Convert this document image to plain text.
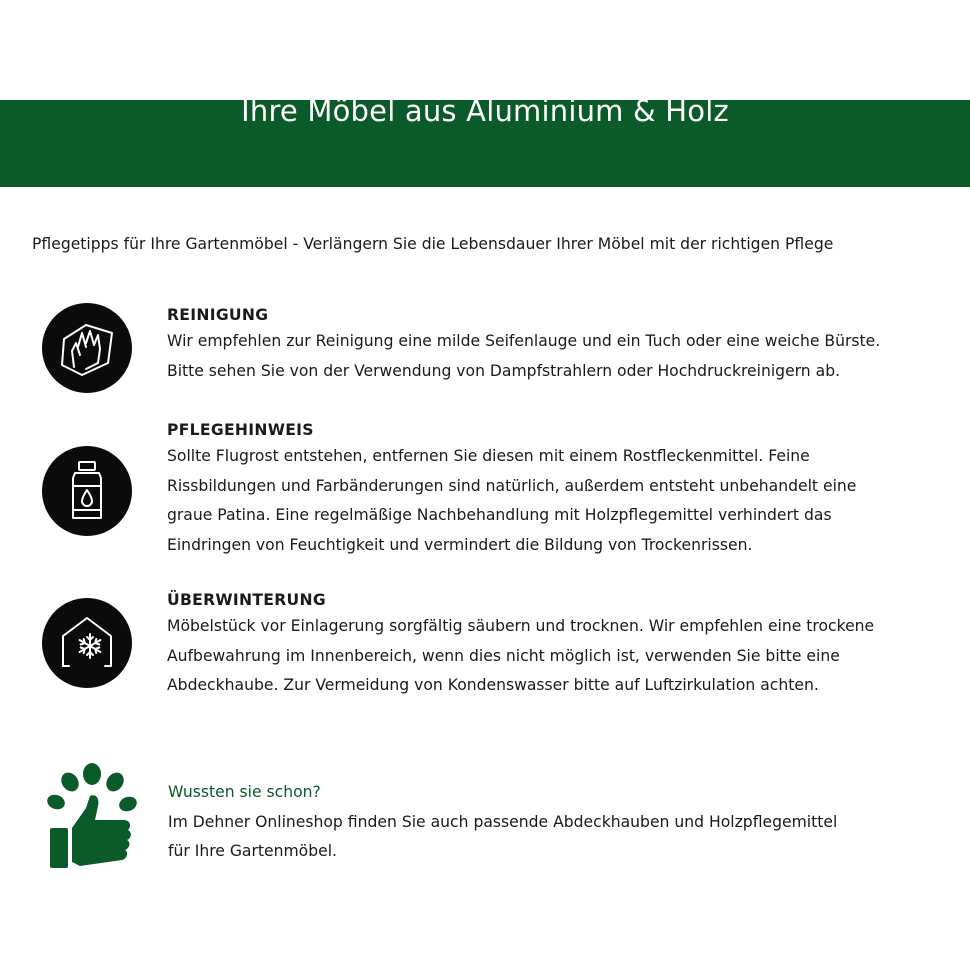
Ihre Möbel aus Aluminium & Holz
Pflegetipps für Ihre Gartenmöbel - Verlängern Sie die Lebensdauer Ihrer Möbel mit der richtigen Pflege
REINIGUNG
Wir empfehlen zur Reinigung eine milde Seifenlauge und ein Tuch oder eine weiche Bürste.
Bitte sehen Sie von der Verwendung von Dampfstrahlern oder Hochdruckreinigern ab.
PFLEGEHINWEIS
Sollte Flugrost entstehen, entfernen Sie diesen mit einem Rostfleckenmittel. Feine
Rissbildungen und Farbänderungen sind natürlich, außerdem entsteht unbehandelt eine
graue Patina. Eine regelmäßige Nachbehandlung mit Holzpflegemittel verhindert das
Eindringen von Feuchtigkeit und vermindert die Bildung von Trockenrissen.
ÜBERWINTERUNG
Möbelstück vor Einlagerung sorgfältig säubern und trocknen. Wir empfehlen eine trockene
Aufbewahrung im Innenbereich, wenn dies nicht möglich ist, verwenden Sie bitte eine
Abdeckhaube. Zur Vermeidung von Kondenswasser bitte auf Luftzirkulation achten.
Wussten sie schon?
Im Dehner Onlineshop finden Sie auch passende Abdeckhauben und Holzpflegemittel
für Ihre Gartenmöbel.
